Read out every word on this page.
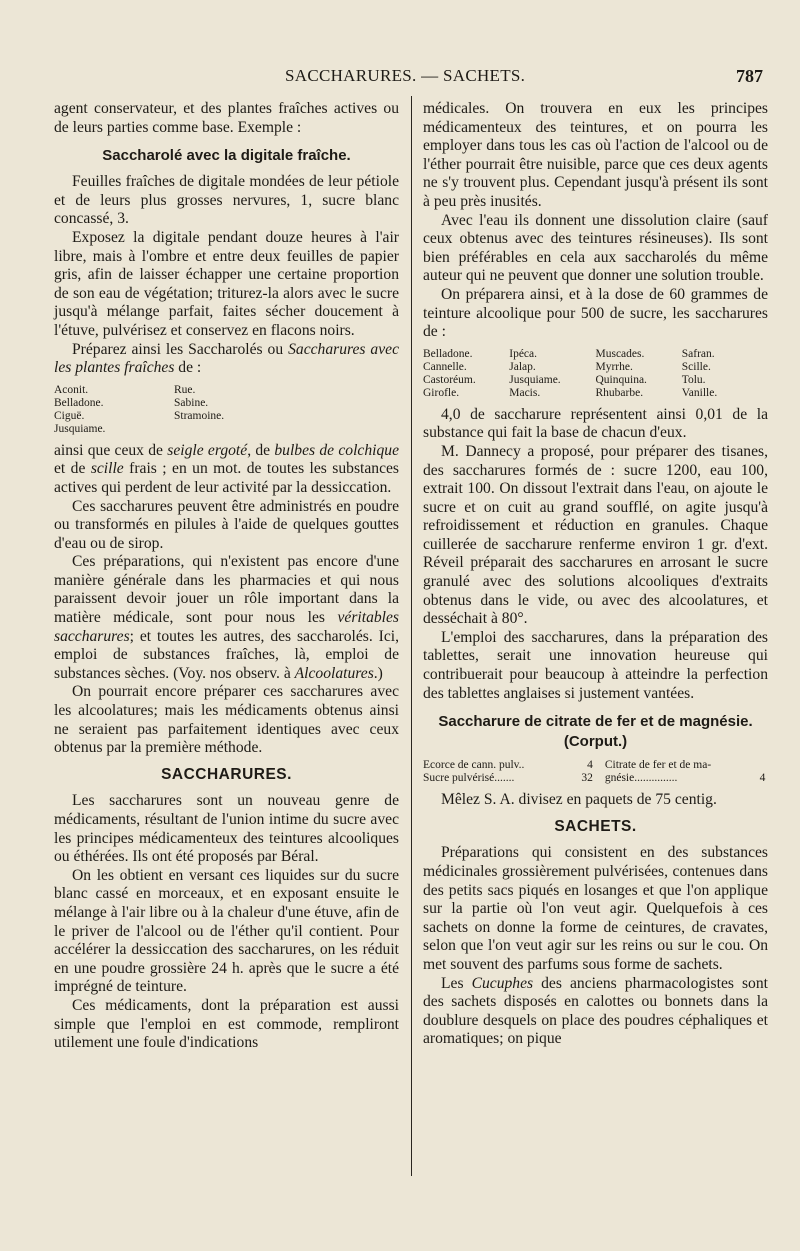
SACCHARURES. — SACHETS.	787

agent conservateur, et des plantes fraîches actives ou de leurs parties comme base. Exemple :

Saccharolé avec la digitale fraîche.

Feuilles fraîches de digitale mondées de leur pétiole et de leurs plus grosses nervures, 1, sucre blanc concassé, 3.

Exposez la digitale pendant douze heures à l'air libre, mais à l'ombre et entre deux feuilles de papier gris, afin de laisser échapper une certaine proportion de son eau de végétation; triturez-la alors avec le sucre jusqu'à mélange parfait, faites sécher doucement à l'étuve, pulvérisez et conservez en flacons noirs.

Préparez ainsi les Saccharolés ou Saccharures avec les plantes fraîches de :

Aconit.	Rue.
Belladone.	Sabine.
Ciguë.	Stramoine.
Jusquiame.	

ainsi que ceux de seigle ergoté, de bulbes de colchique et de scille frais ; en un mot. de toutes les substances actives qui perdent de leur activité par la dessiccation.

Ces saccharures peuvent être administrés en poudre ou transformés en pilules à l'aide de quelques gouttes d'eau ou de sirop.

Ces préparations, qui n'existent pas encore d'une manière générale dans les pharmacies et qui nous paraissent devoir jouer un rôle important dans la matière médicale, sont pour nous les véritables saccharures; et toutes les autres, des saccharolés. Ici, emploi de substances fraîches, là, emploi de substances sèches. (Voy. nos observ. à Alcoolatures.)

On pourrait encore préparer ces saccharures avec les alcoolatures; mais les médicaments obtenus ainsi ne seraient pas parfaitement identiques avec ceux obtenus par la première méthode.

SACCHARURES.

Les saccharures sont un nouveau genre de médicaments, résultant de l'union intime du sucre avec les principes médicamenteux des teintures alcooliques ou éthérées. Ils ont été proposés par Béral.

On les obtient en versant ces liquides sur du sucre blanc cassé en morceaux, et en exposant ensuite le mélange à l'air libre ou à la chaleur d'une étuve, afin de le priver de l'alcool ou de l'éther qu'il contient. Pour accélérer la dessiccation des saccharures, on les réduit en une poudre grossière 24 h. après que le sucre a été imprégné de teinture.

Ces médicaments, dont la préparation est aussi simple que l'emploi en est commode, rempliront utilement une foule d'indications

médicales. On trouvera en eux les principes médicamenteux des teintures, et on pourra les employer dans tous les cas où l'action de l'alcool ou de l'éther pourrait être nuisible, parce que ces deux agents ne s'y trouvent plus. Cependant jusqu'à présent ils sont à peu près inusités.

Avec l'eau ils donnent une dissolution claire (sauf ceux obtenus avec des teintures résineuses). Ils sont bien préférables en cela aux saccharolés du même auteur qui ne peuvent que donner une solution trouble.

On préparera ainsi, et à la dose de 60 grammes de teinture alcoolique pour 500 de sucre, les saccharures de :

Belladone.	Ipéca.	Muscades.	Safran.
Cannelle.	Jalap.	Myrrhe.	Scille.
Castoréum.	Jusquiame.	Quinquina.	Tolu.
Girofle.	Macis.	Rhubarbe.	Vanille.

4,0 de saccharure représentent ainsi 0,01 de la substance qui fait la base de chacun d'eux.

M. Dannecy a proposé, pour préparer des tisanes, des saccharures formés de : sucre 1200, eau 100, extrait 100. On dissout l'extrait dans l'eau, on ajoute le sucre et on cuit au grand soufflé, on agite jusqu'à refroidissement et réduction en granules. Chaque cuillerée de saccharure renferme environ 1 gr. d'ext. Réveil préparait des saccharures en arrosant le sucre granulé avec des solutions alcooliques d'extraits obtenus dans le vide, ou avec des alcoolatures, et desséchait à 80°.

L'emploi des saccharures, dans la préparation des tablettes, serait une innovation heureuse qui contribuerait pour beaucoup à atteindre la perfection des tablettes anglaises si justement vantées.

Saccharure de citrate de fer et de magnésie.
(Corput.)
Ecorce de cann. pulv..	4	Citrate de fer et de ma-	
Sucre pulvérisé.......	32	gnésie...............	4

Mêlez S. A. divisez en paquets de 75 centig.

SACHETS.

Préparations qui consistent en des substances médicinales grossièrement pulvérisées, contenues dans des petits sacs piqués en losanges et que l'on applique sur la partie où l'on veut agir. Quelquefois à ces sachets on donne la forme de ceintures, de cravates, selon que l'on veut agir sur les reins ou sur le cou. On met souvent des parfums sous forme de sachets.

Les Cucuphes des anciens pharmacologistes sont des sachets disposés en calottes ou bonnets dans la doublure desquels on place des poudres céphaliques et aromatiques; on pique
